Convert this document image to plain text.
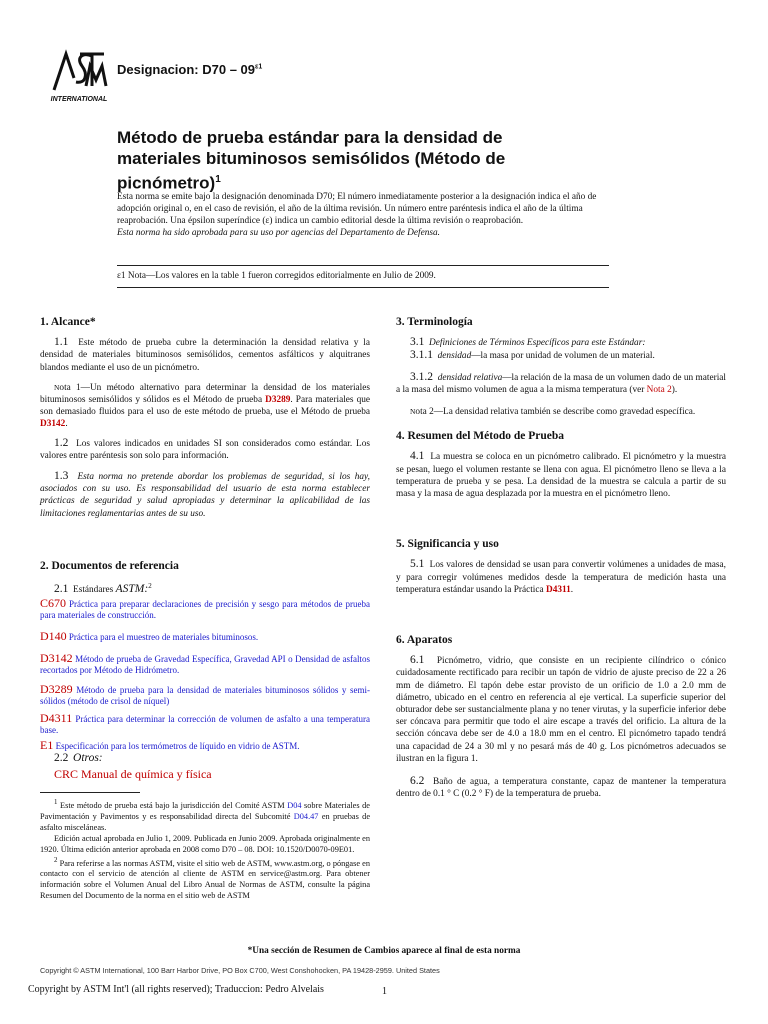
INTERNATIONAL
Designacion: $D70 - 09^{\varepsilon 1}$
Método de prueba estándar para la densidad de
materiales bituminosos semisólidos (Método de
picnómetro)$^1$
Esta norma se emite bajo la designación denominada D70; El número inmediatamente posterior a la designación indica el año de adopción original o, en el caso de revisión, el año de la última revisión. Un número entre paréntesis indica el año de la última reaprobación. Una épsilon superíndice (ε) indica un cambio editorial desde la última revisión o reaprobación.
Esta norma ha sido aprobada para su uso por agencias del Departamento de Defensa.
ε1 Nota—Los valores en la table 1 fueron corregidos editorialmente en Julio de 2009.
1. Alcance*
1.1 Este método de prueba cubre la determinación la densidad relativa y la densidad de materiales bituminosos semisólidos, cementos asfálticos y alquitranes blandos mediante el uso de un picnómetro.
Nota 1—Un método alternativo para determinar la densidad de los materiales bituminosos semisólidos y sólidos es el Método de prueba D3289. Para materiales que son demasiado fluidos para el uso de este método de prueba, use el Método de prueba D3142.
1.2 Los valores indicados en unidades SI son considerados como estándar. Los valores entre paréntesis son solo para información.
1.3 Esta norma no pretende abordar los problemas de seguridad, si los hay, asociados con su uso. Es responsabilidad del usuario de esta norma establecer prácticas de seguridad y salud apropiadas y determinar la aplicabilidad de las limitaciones reglamentarias antes de su uso.
2. Documentos de referencia
2.1 Estándares ASTM:$^2$
C670 Práctica para preparar declaraciones de precisión y sesgo para métodos de prueba para materiales de construcción.
D140 Práctica para el muestreo de materiales bituminosos.
D3142 Método de prueba de Gravedad Específica, Gravedad API o Densidad de asfaltos recortados por Método de Hidrómetro.
D3289 Método de prueba para la densidad de materiales bituminosos sólidos y semi-sólidos (método de crisol de níquel)
D4311 Práctica para determinar la corrección de volumen de asfalto a una temperatura base.
E1 Especificación para los termómetros de líquido en vidrio de ASTM.
2.2 Otros:
CRC Manual de química y física
$^1$ Este método de prueba está bajo la jurisdicción del Comité ASTM D04 sobre Materiales de Pavimentación y Pavimentos y es responsabilidad directa del Subcomité D04.47 en pruebas de asfalto misceláneas.
Edición actual aprobada en Julio 1, 2009. Publicada en Junio 2009. Aprobada originalmente en 1920. Última edición anterior aprobada en 2008 como D70 – 08. DOI: 10.1520/D0070-09E01.
$^2$ Para referirse a las normas ASTM, visite el sitio web de ASTM, www.astm.org, o póngase en contacto con el servicio de atención al cliente de ASTM en service@astm.org. Para obtener información sobre el Volumen Anual del Libro Anual de Normas de ASTM, consulte la página Resumen del Documento de la norma en el sitio web de ASTM
3. Terminología
3.1 Definiciones de Términos Específicos para este Estándar:
3.1.1 densidad—la masa por unidad de volumen de un material.
3.1.2 densidad relativa—la relación de la masa de un volumen dado de un material a la masa del mismo volumen de agua a la misma temperatura (ver Nota 2).
Nota 2—La densidad relativa también se describe como gravedad específica.
4. Resumen del Método de Prueba
4.1 La muestra se coloca en un picnómetro calibrado. El picnómetro y la muestra se pesan, luego el volumen restante se llena con agua. El picnómetro lleno se lleva a la temperatura de prueba y se pesa. La densidad de la muestra se calcula a partir de su masa y la masa de agua desplazada por la muestra en el picnómetro lleno.
5. Significancia y uso
5.1 Los valores de densidad se usan para convertir volúmenes a unidades de masa, y para corregir volúmenes medidos desde la temperatura de medición hasta una temperatura estándar usando la Práctica D4311.
6. Aparatos
6.1 Picnómetro, vidrio, que consiste en un recipiente cilíndrico o cónico cuidadosamente rectificado para recibir un tapón de vidrio de ajuste preciso de 22 a 26 mm de diámetro. El tapón debe estar provisto de un orificio de 1.0 a 2.0 mm de diámetro, ubicado en el centro en referencia al eje vertical. La superficie superior del obturador debe ser sustancialmente plana y no tener virutas, y la superficie inferior debe ser cóncava para permitir que todo el aire escape a través del orificio. La altura de la sección cóncava debe ser de 4.0 a 18.0 mm en el centro. El picnómetro tapado tendrá una capacidad de 24 a 30 ml y no pesará más de 40 g. Los picnómetros adecuados se ilustran en la figura 1.
6.2 Baño de agua, a temperatura constante, capaz de mantener la temperatura dentro de 0.1 ° C (0.2 ° F) de la temperatura de prueba.
*Una sección de Resumen de Cambios aparece al final de esta norma
Copyright © ASTM International, 100 Barr Harbor Drive, PO Box C700, West Conshohocken, PA 19428-2959. United States
Copyright by ASTM Int'l (all rights reserved); Traduccion: Pedro Alvelais	1
